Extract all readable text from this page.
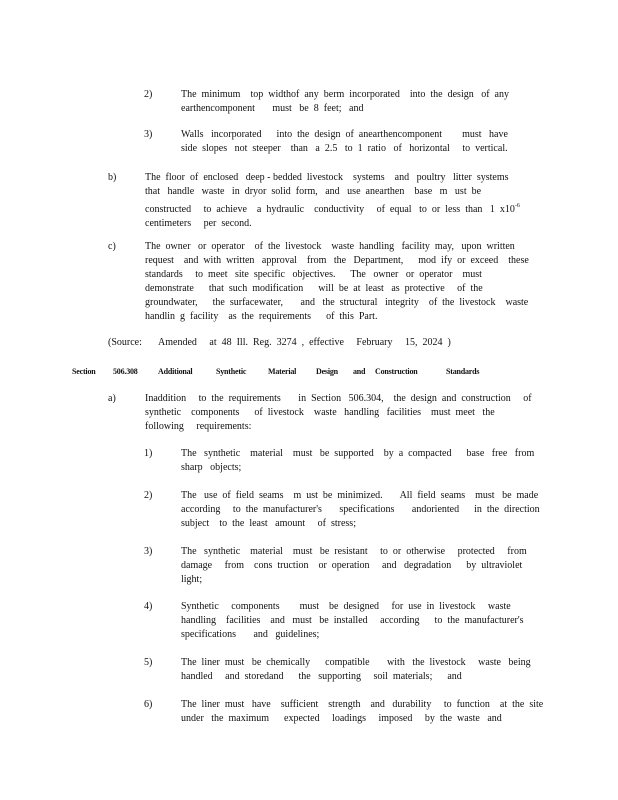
2)	The  minimum    top  widthof  any  berm  incorporated    into  the  design   of  any
earthencomponent       must   be  8  feet;   and
3)	Walls   incorporated      into  the  design  of  anearthencomponent        must   have
side  slopes   not  steeper    than   a  2.5   to  1  ratio   of   horizontal     to  vertical.
b)	The  floor  of  enclosed   deep - bedded  livestock    systems    and   poultry   litter  systems
that   handle   waste   in  dryor  solid  form,   and   use  anearthen    base   m   ust  be
constructed     to  achieve    a  hydraulic    conductivity     of  equal   to  or  less  than   1  $x10^{-6}$
centimeters     per  second.
c)	The  owner   or  operator    of  the  livestock    waste  handling   facility  may,   upon  written
request    and  with  written   approval    from   the   Department,      mod  ify  or  exceed    these
standards     to  meet   site  specific   objectives.      The   owner   or  operator    must
demonstrate      that  such  modification      will  be  at  least   as  protective     of  the
groundwater,      the  surfacewater,       and   the  structural   integrity    of  the  livestock    waste
handlin  g  facility    as  the  requirements      of  this  Part.
(Source: Amended     at  48  Ill.  Reg.  3274  ,  effective     February     15,  2024  )
Section 506.308	Additional	Synthetic	Material Design and Construction	Standards
a)	Inaddition     to  the  requirements       in  Section   506.304,    the  design  and  construction     of
synthetic    components      of  livestock    waste   handling   facilities    must  meet   the
following     requirements:
1)	The   synthetic    material    must   be  supported    by  a  compacted      base   free   from
sharp   objects;
2)	The   use  of  field  seams    m  ust  be  minimized.       All  field  seams    must   be  made
according     to  the  manufacturer's       specifications       andoriented      in  the  direction
subject    to  the  least   amount     of  stress;
3)	The   synthetic    material    must   be  resistant     to  or  otherwise     protected     from
damage     from    cons  truction    or  operation     and   degradation      by  ultraviolet
light;
4)	Synthetic     components        must    be  designed     for  use  in  livestock     waste
handling    facilities    and   must   be  installed     according      to  the  manufacturer's
specifications       and   guidelines;
5)	The  liner  must   be  chemically      compatible       with   the  livestock     waste   being
handled     and  storedand      the   supporting     soil  materials;      and
6)	The  liner  must   have    sufficient    strength    and   durability     to  function    at  the  site
under   the  maximum      expected     loadings     imposed     by  the  waste   and
